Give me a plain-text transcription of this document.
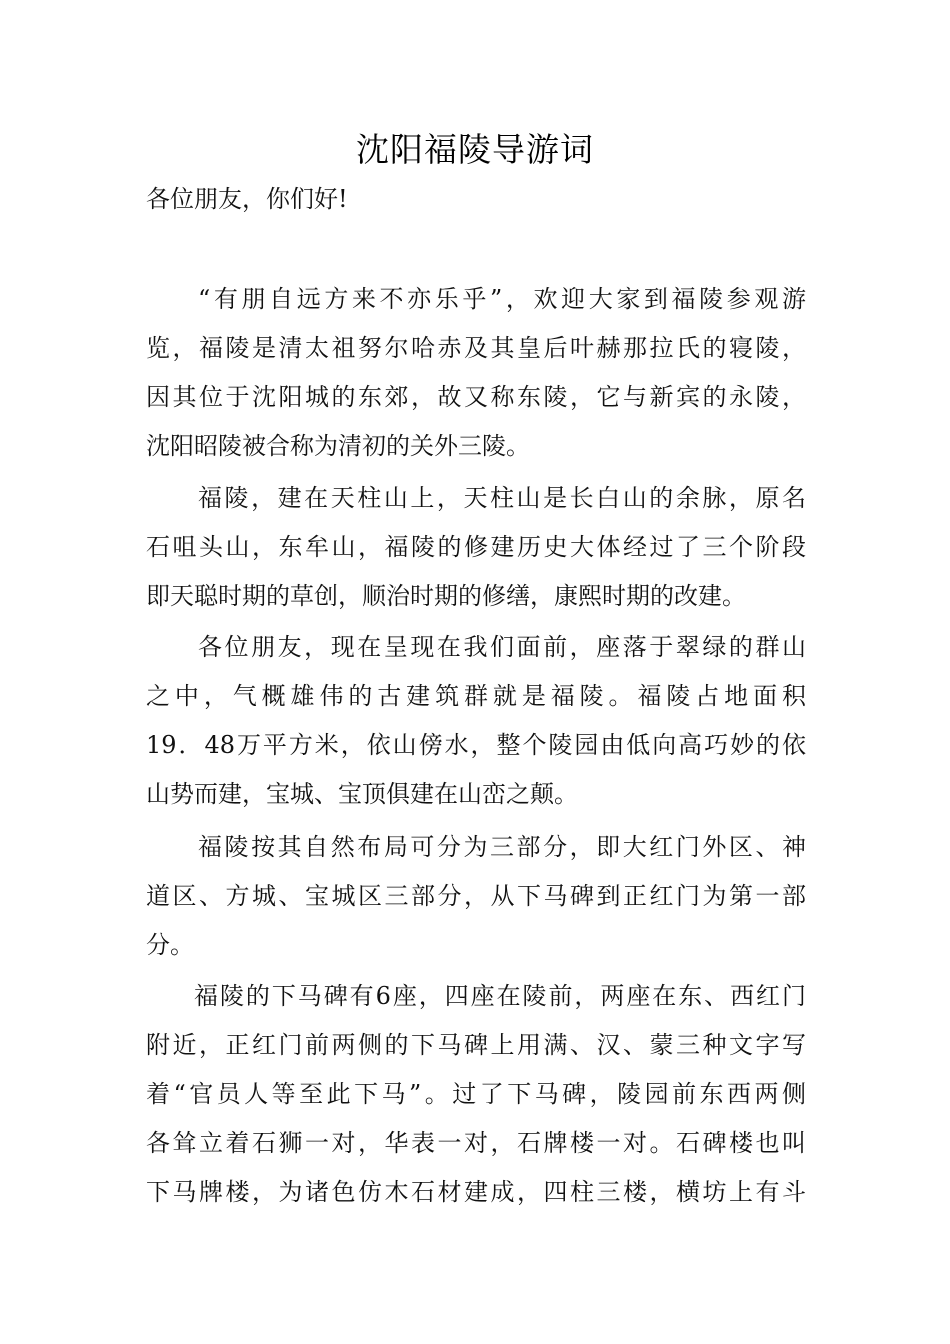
沈阳福陵导游词

各位朋友，你们好!

“有朋自远方来不亦乐乎”，欢迎大家到福陵参观游

览，福陵是清太祖努尔哈赤及其皇后叶赫那拉氏的寝陵，

因其位于沈阳城的东郊，故又称东陵，它与新宾的永陵，

沈阳昭陵被合称为清初的关外三陵。

福陵，建在天柱山上，天柱山是长白山的余脉，原名

石咀头山，东牟山，福陵的修建历史大体经过了三个阶段

即天聪时期的草创，顺治时期的修缮，康熙时期的改建。

各位朋友，现在呈现在我们面前，座落于翠绿的群山

之中，气概雄伟的古建筑群就是福陵。福陵占地面积

19．48万平方米，依山傍水，整个陵园由低向高巧妙的依

山势而建，宝城、宝顶俱建在山峦之颠。

福陵按其自然布局可分为三部分，即大红门外区、神

道区、方城、宝城区三部分，从下马碑到正红门为第一部

分。

福陵的下马碑有6座，四座在陵前，两座在东、西红门

附近，正红门前两侧的下马碑上用满、汉、蒙三种文字写

着“官员人等至此下马”。过了下马碑，陵园前东西两侧

各耸立着石狮一对，华表一对，石牌楼一对。石碑楼也叫

下马牌楼，为诸色仿木石材建成，四柱三楼，横坊上有斗
